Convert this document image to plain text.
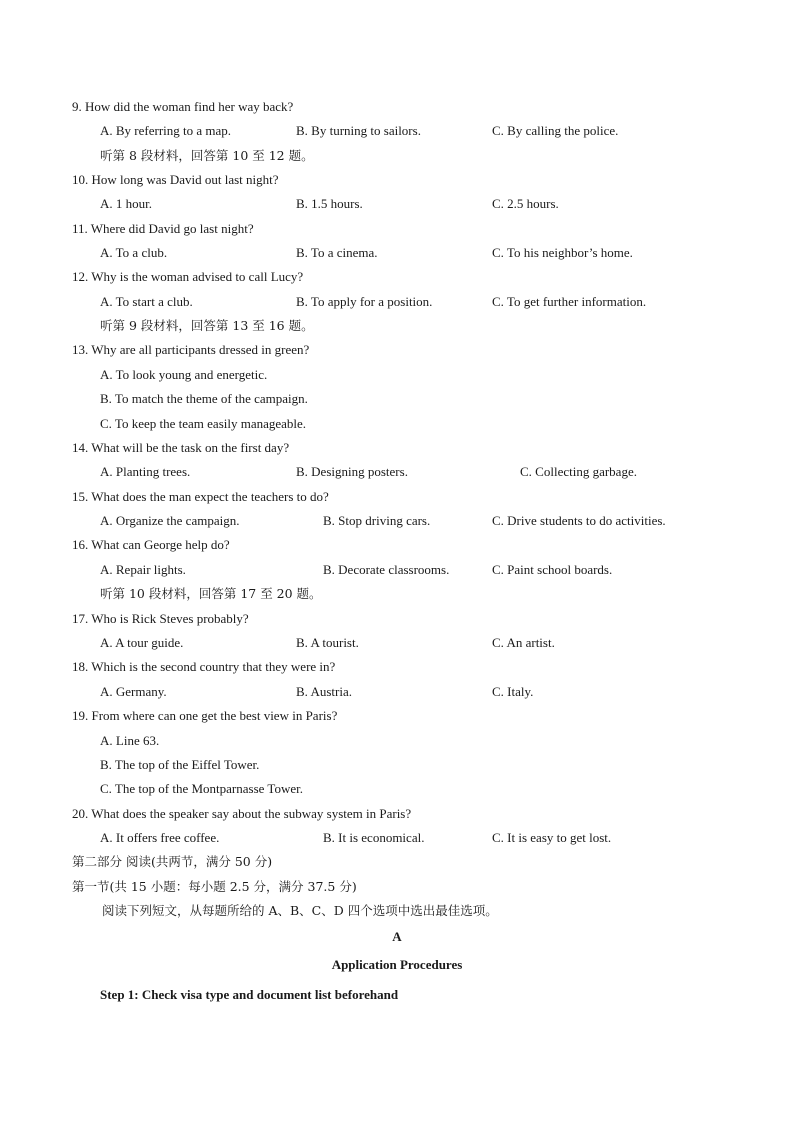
9. How did the woman find her way back?
A. By referring to a map.	B. By turning to sailors.	C. By calling the police.
听第 8 段材料，回答第 10 至 12 题。
10. How long was David out last night?
A. 1 hour.	B. 1.5 hours.	C. 2.5 hours.
11. Where did David go last night?
A. To a club.	B. To a cinema.	C. To his neighbor’s home.
12. Why is the woman advised to call Lucy?
A. To start a club.	B. To apply for a position.	C. To get further information.
听第 9 段材料，回答第 13 至 16 题。
13. Why are all participants dressed in green?
A. To look young and energetic.
B. To match the theme of the campaign.
C. To keep the team easily manageable.
14. What will be the task on the first day?
A. Planting trees.	B. Designing posters.	C. Collecting garbage.
15. What does the man expect the teachers to do?
A. Organize the campaign.	B. Stop driving cars.	C. Drive students to do activities.
16. What can George help do?
A. Repair lights.	B. Decorate classrooms.	C. Paint school boards.
听第 10 段材料，回答第 17 至 20 题。
17. Who is Rick Steves probably?
A. A tour guide.	B. A tourist.	C. An artist.
18. Which is the second country that they were in?
A. Germany.	B. Austria.	C. Italy.
19. From where can one get the best view in Paris?
A. Line 63.
B. The top of the Eiffel Tower.
C. The top of the Montparnasse Tower.
20. What does the speaker say about the subway system in Paris?
A. It offers free coffee.	B. It is economical.	C. It is easy to get lost.
第二部分 阅读(共两节，满分 50 分)
第一节(共 15 小题：每小题 2.5 分，满分 37.5 分)
阅读下列短文，从每题所给的 A、B、C、D 四个选项中选出最佳选项。
A
Application Procedures
Step 1: Check visa type and document list beforehand
